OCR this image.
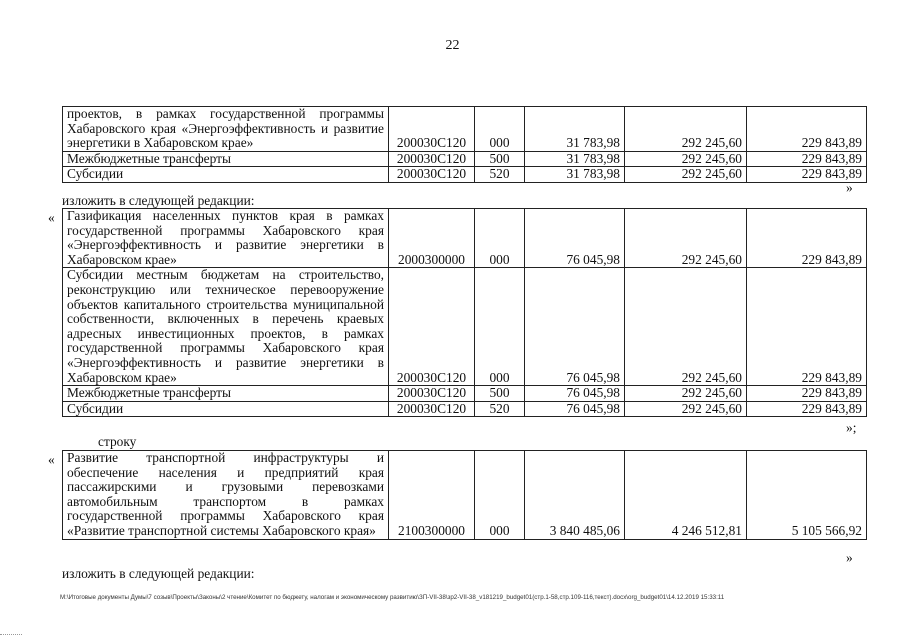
22
проектов, в рамках государственной программы Хабаровского края «Энергоэффективность и развитие энергетики в Хабаровском крае»	200030C120	000	31 783,98	292 245,60	229 843,89
Межбюджетные трансферты	200030C120	500	31 783,98	292 245,60	229 843,89
Субсидии	200030C120	520	31 783,98	292 245,60	229 843,89
»
изложить в следующей редакции:
« Газификация населенных пунктов края в рамках государственной программы Хабаровского края «Энергоэффективность и развитие энергетики в Хабаровском крае»	2000300000	000	76 045,98	292 245,60	229 843,89
Субсидии местным бюджетам на строительство, реконструкцию или техническое перевооружение объектов капитального строительства муниципальной собственности, включенных в перечень краевых адресных инвестиционных проектов, в рамках государственной программы Хабаровского края «Энергоэффективность и развитие энергетики в Хабаровском крае»	200030C120	000	76 045,98	292 245,60	229 843,89
Межбюджетные трансферты	200030C120	500	76 045,98	292 245,60	229 843,89
Субсидии	200030C120	520	76 045,98	292 245,60	229 843,89
»;
строку
« Развитие транспортной инфраструктуры и обеспечение населения и предприятий края пассажирскими и грузовыми перевозками автомобильным транспортом в рамках государственной программы Хабаровского края «Развитие транспортной системы Хабаровского края»	2100300000	000	3 840 485,06	4 246 512,81	5 105 566,92
»
изложить в следующей редакции:
M:\Итоговые документы Думы\7 созыв\Проекты\Законы\2 чтение\Комитет по бюджету, налогам и экономическому развитию\ЗП-VII-38\зр2-VII-38_v181219_budget01(стр.1-58,стр.109-116,текст).docx\org_budget01\14.12.2019 15:33:11
